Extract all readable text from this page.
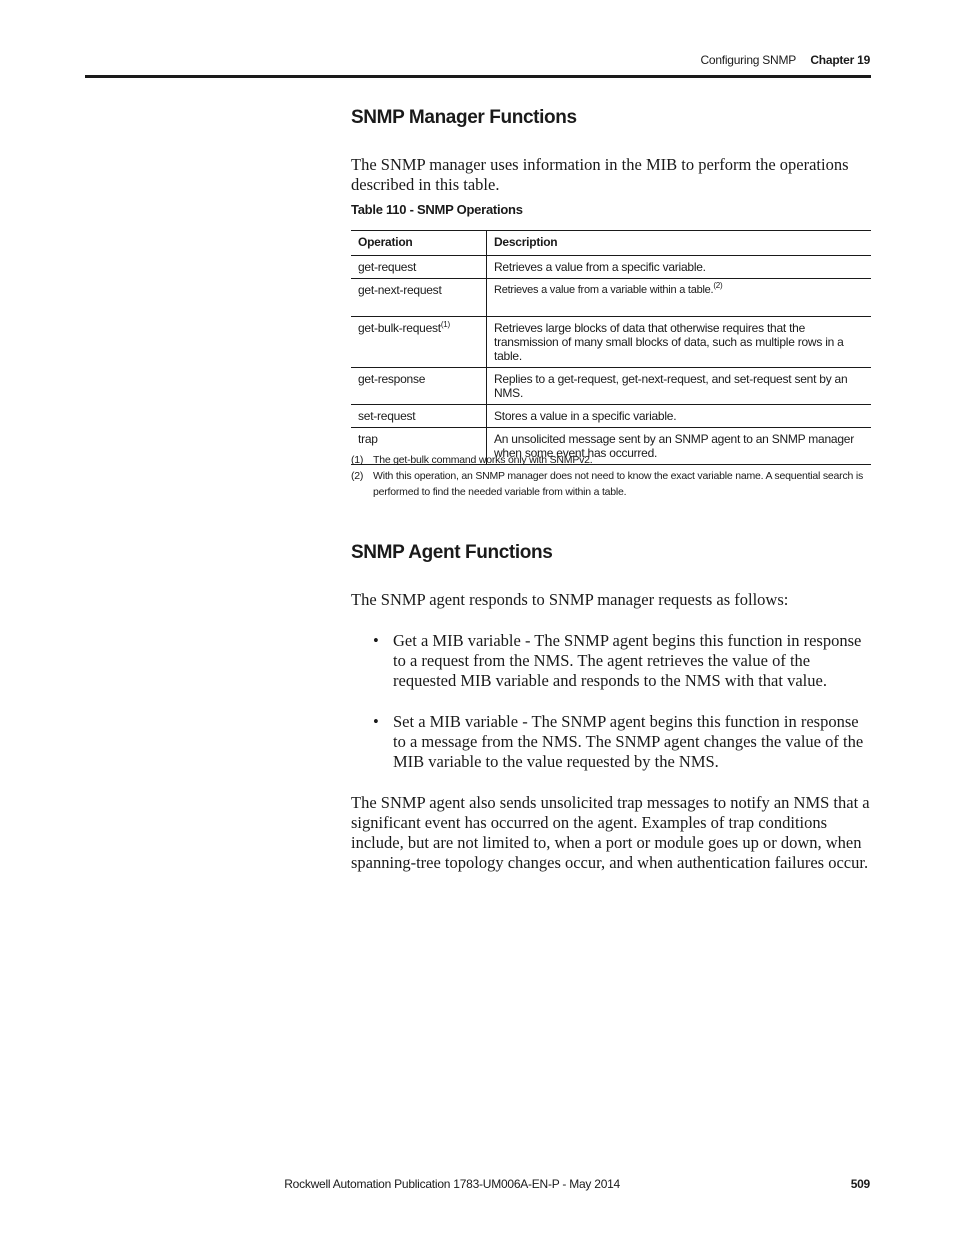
Configuring SNMP Chapter 19
SNMP Manager Functions

The SNMP manager uses information in the MIB to perform the operations described in this table.

Table 110 - SNMP Operations
Operation	Description
get-request	Retrieves a value from a specific variable.
get-next-request	Retrieves a value from a variable within a table.$^{(2)}$
get-bulk-request$^{(1)}$	Retrieves large blocks of data that otherwise requires that the transmission of many small blocks of data, such as multiple rows in a table.
get-response	Replies to a get-request, get-next-request, and set-request sent by an NMS.
set-request	Stores a value in a specific variable.
trap	An unsolicited message sent by an SNMP agent to an SNMP manager when some event has occurred.
(1) The get-bulk command works only with SNMPv2.
(2) With this operation, an SNMP manager does not need to know the exact variable name. A sequential search is performed to find the needed variable from within a table.
SNMP Agent Functions

The SNMP agent responds to SNMP manager requests as follows:

• Get a MIB variable - The SNMP agent begins this function in response to a request from the NMS. The agent retrieves the value of the requested MIB variable and responds to the NMS with that value.
• Set a MIB variable - The SNMP agent begins this function in response to a message from the NMS. The SNMP agent changes the value of the MIB variable to the value requested by the NMS.

The SNMP agent also sends unsolicited trap messages to notify an NMS that a significant event has occurred on the agent. Examples of trap conditions include, but are not limited to, when a port or module goes up or down, when spanning-tree topology changes occur, and when authentication failures occur.

Rockwell Automation Publication 1783-UM006A-EN-P - May 2014	509
